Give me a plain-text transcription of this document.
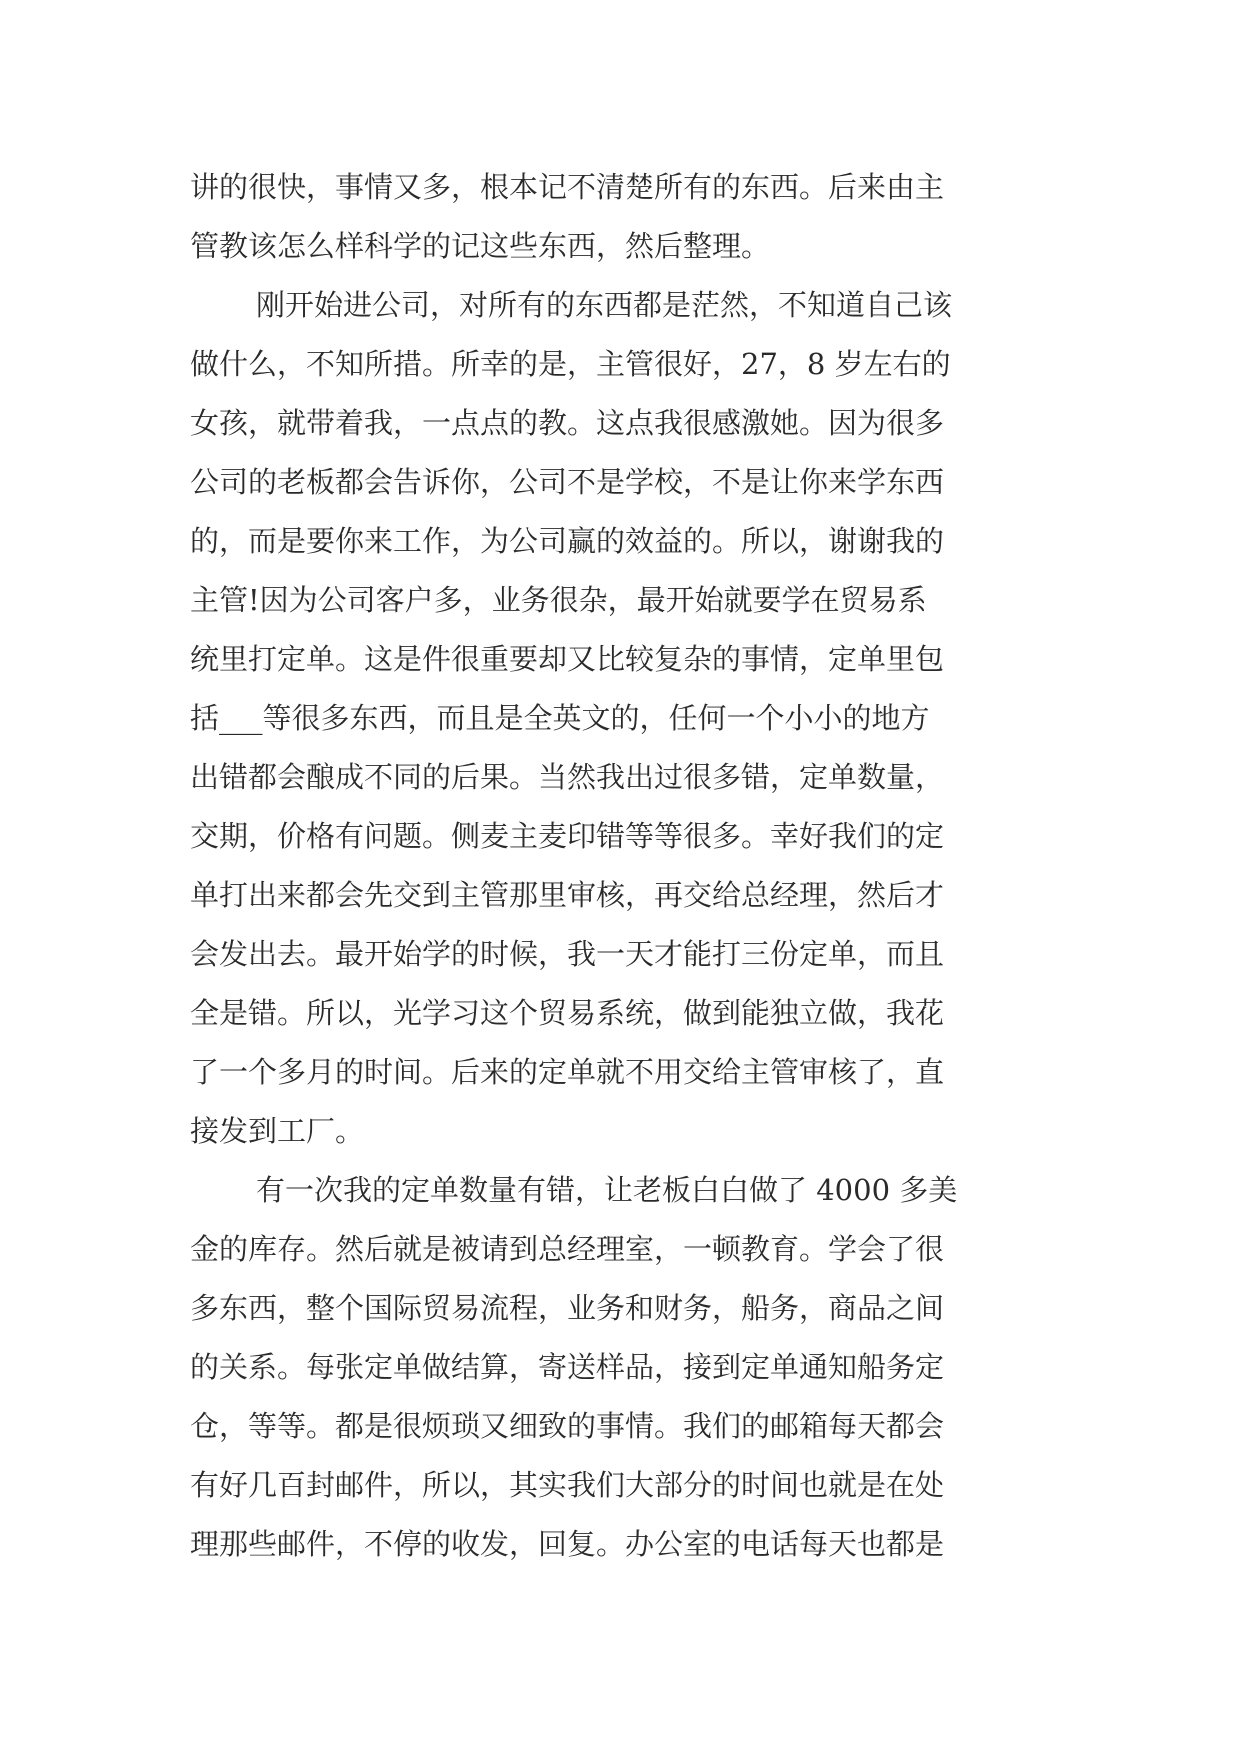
讲的很快，事情又多，根本记不清楚所有的东西。后来由主
管教该怎么样科学的记这些东西，然后整理。
刚开始进公司，对所有的东西都是茫然，不知道自己该
做什么，不知所措。所幸的是，主管很好，27，8 岁左右的
女孩，就带着我，一点点的教。这点我很感激她。因为很多
公司的老板都会告诉你，公司不是学校，不是让你来学东西
的，而是要你来工作，为公司赢的效益的。所以，谢谢我的
主管!因为公司客户多，业务很杂，最开始就要学在贸易系
统里打定单。这是件很重要却又比较复杂的事情，定单里包
括___等很多东西，而且是全英文的，任何一个小小的地方
出错都会酿成不同的后果。当然我出过很多错，定单数量，
交期，价格有问题。侧麦主麦印错等等很多。幸好我们的定
单打出来都会先交到主管那里审核，再交给总经理，然后才
会发出去。最开始学的时候，我一天才能打三份定单，而且
全是错。所以，光学习这个贸易系统，做到能独立做，我花
了一个多月的时间。后来的定单就不用交给主管审核了，直
接发到工厂。
有一次我的定单数量有错，让老板白白做了 4000 多美
金的库存。然后就是被请到总经理室，一顿教育。学会了很
多东西，整个国际贸易流程，业务和财务，船务，商品之间
的关系。每张定单做结算，寄送样品，接到定单通知船务定
仓，等等。都是很烦琐又细致的事情。我们的邮箱每天都会
有好几百封邮件，所以，其实我们大部分的时间也就是在处
理那些邮件，不停的收发，回复。办公室的电话每天也都是
